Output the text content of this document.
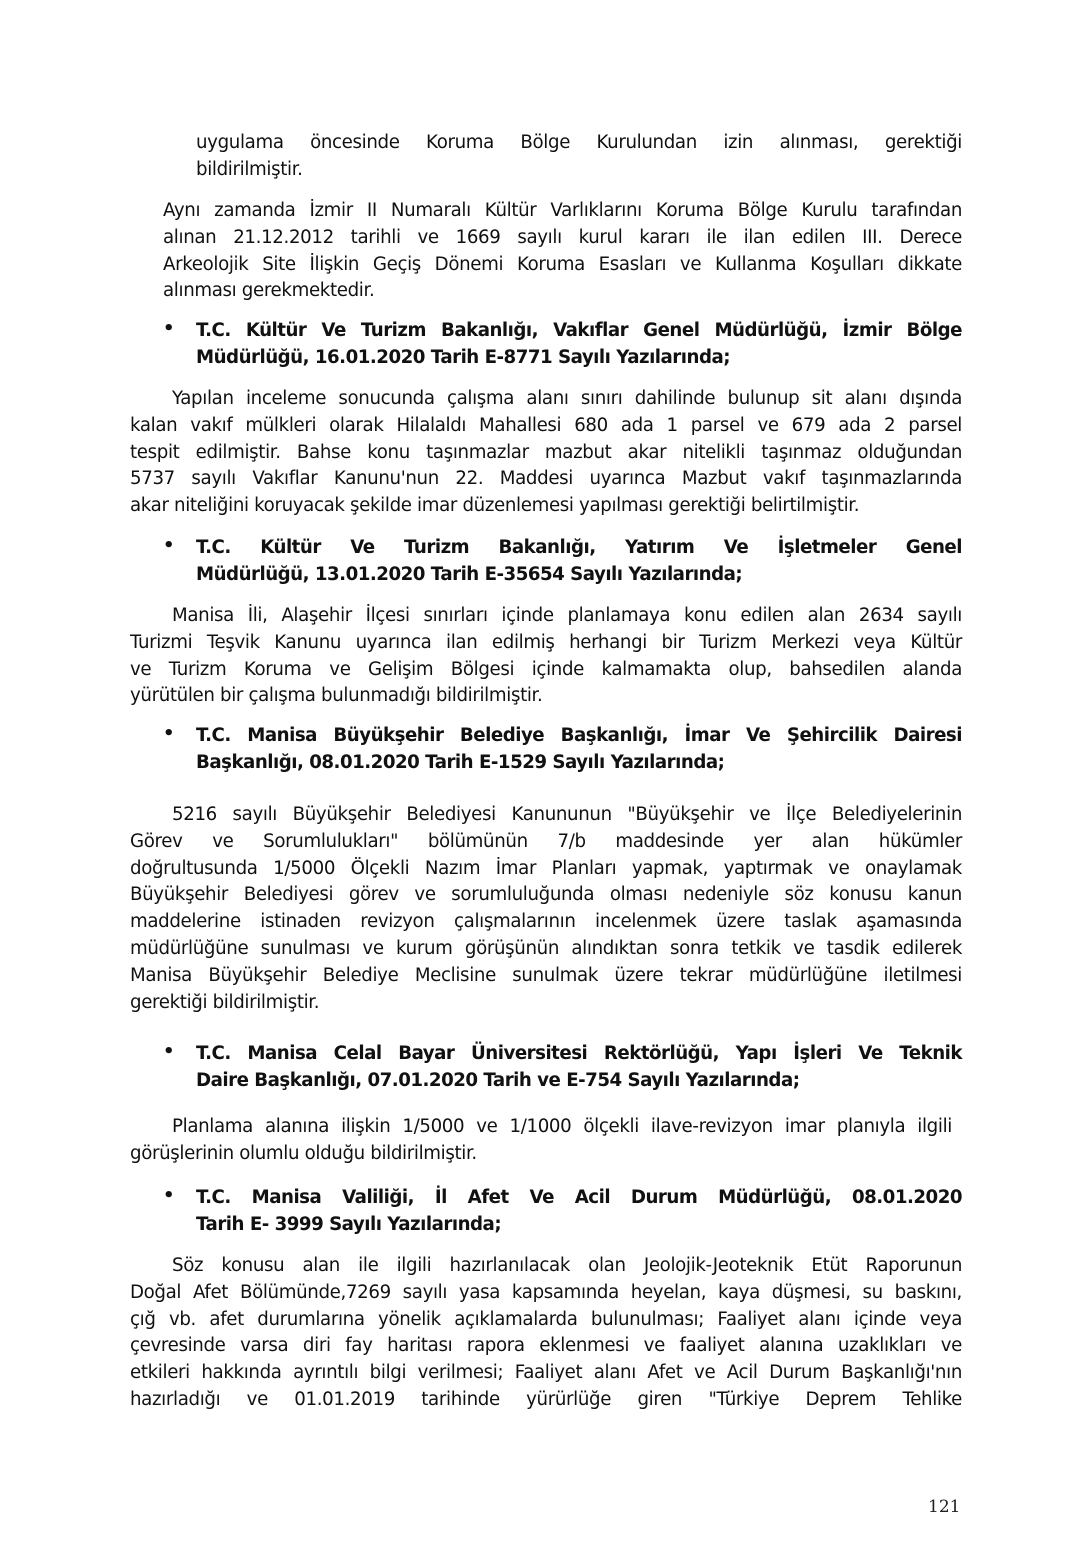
uygulama öncesinde Koruma Bölge Kurulundan izin alınması, gerektiği
bildirilmiştir.
Aynı zamanda İzmir II Numaralı Kültür Varlıklarını Koruma Bölge Kurulu tarafından
alınan 21.12.2012 tarihli ve 1669 sayılı kurul kararı ile ilan edilen III. Derece
Arkeolojik Site İlişkin Geçiş Dönemi Koruma Esasları ve Kullanma Koşulları dikkate
alınması gerekmektedir.
• T.C. Kültür Ve Turizm Bakanlığı, Vakıflar Genel Müdürlüğü, İzmir Bölge
Müdürlüğü, 16.01.2020 Tarih E-8771 Sayılı Yazılarında;
Yapılan inceleme sonucunda çalışma alanı sınırı dahilinde bulunup sit alanı dışında
kalan vakıf mülkleri olarak Hilalaldı Mahallesi 680 ada 1 parsel ve 679 ada 2 parsel
tespit edilmiştir. Bahse konu taşınmazlar mazbut akar nitelikli taşınmaz olduğundan
5737 sayılı Vakıflar Kanunu'nun 22. Maddesi uyarınca Mazbut vakıf taşınmazlarında
akar niteliğini koruyacak şekilde imar düzenlemesi yapılması gerektiği belirtilmiştir.
• T.C. Kültür Ve Turizm Bakanlığı, Yatırım Ve İşletmeler Genel
Müdürlüğü, 13.01.2020 Tarih E-35654 Sayılı Yazılarında;
Manisa İli, Alaşehir İlçesi sınırları içinde planlamaya konu edilen alan 2634 sayılı
Turizmi Teşvik Kanunu uyarınca ilan edilmiş herhangi bir Turizm Merkezi veya Kültür
ve Turizm Koruma ve Gelişim Bölgesi içinde kalmamakta olup, bahsedilen alanda
yürütülen bir çalışma bulunmadığı bildirilmiştir.
• T.C. Manisa Büyükşehir Belediye Başkanlığı, İmar Ve Şehircilik Dairesi
Başkanlığı, 08.01.2020 Tarih E-1529 Sayılı Yazılarında;
5216 sayılı Büyükşehir Belediyesi Kanununun "Büyükşehir ve İlçe Belediyelerinin
Görev ve Sorumlulukları" bölümünün 7/b maddesinde yer alan hükümler
doğrultusunda 1/5000 Ölçekli Nazım İmar Planları yapmak, yaptırmak ve onaylamak
Büyükşehir Belediyesi görev ve sorumluluğunda olması nedeniyle söz konusu kanun
maddelerine istinaden revizyon çalışmalarının incelenmek üzere taslak aşamasında
müdürlüğüne sunulması ve kurum görüşünün alındıktan sonra tetkik ve tasdik edilerek
Manisa Büyükşehir Belediye Meclisine sunulmak üzere tekrar müdürlüğüne iletilmesi
gerektiği bildirilmiştir.
• T.C. Manisa Celal Bayar Üniversitesi Rektörlüğü, Yapı İşleri Ve Teknik
Daire Başkanlığı, 07.01.2020 Tarih ve E-754 Sayılı Yazılarında;
Planlama alanına ilişkin 1/5000 ve 1/1000 ölçekli ilave-revizyon imar planıyla ilgili
görüşlerinin olumlu olduğu bildirilmiştir.
• T.C. Manisa Valiliği, İl Afet Ve Acil Durum Müdürlüğü, 08.01.2020
Tarih E- 3999 Sayılı Yazılarında;
Söz konusu alan ile ilgili hazırlanılacak olan Jeolojik-Jeoteknik Etüt Raporunun
Doğal Afet Bölümünde,7269 sayılı yasa kapsamında heyelan, kaya düşmesi, su baskını,
çığ vb. afet durumlarına yönelik açıklamalarda bulunulması; Faaliyet alanı içinde veya
çevresinde varsa diri fay haritası rapora eklenmesi ve faaliyet alanına uzaklıkları ve
etkileri hakkında ayrıntılı bilgi verilmesi; Faaliyet alanı Afet ve Acil Durum Başkanlığı'nın
hazırladığı ve 01.01.2019 tarihinde yürürlüğe giren "Türkiye Deprem Tehlike
121
